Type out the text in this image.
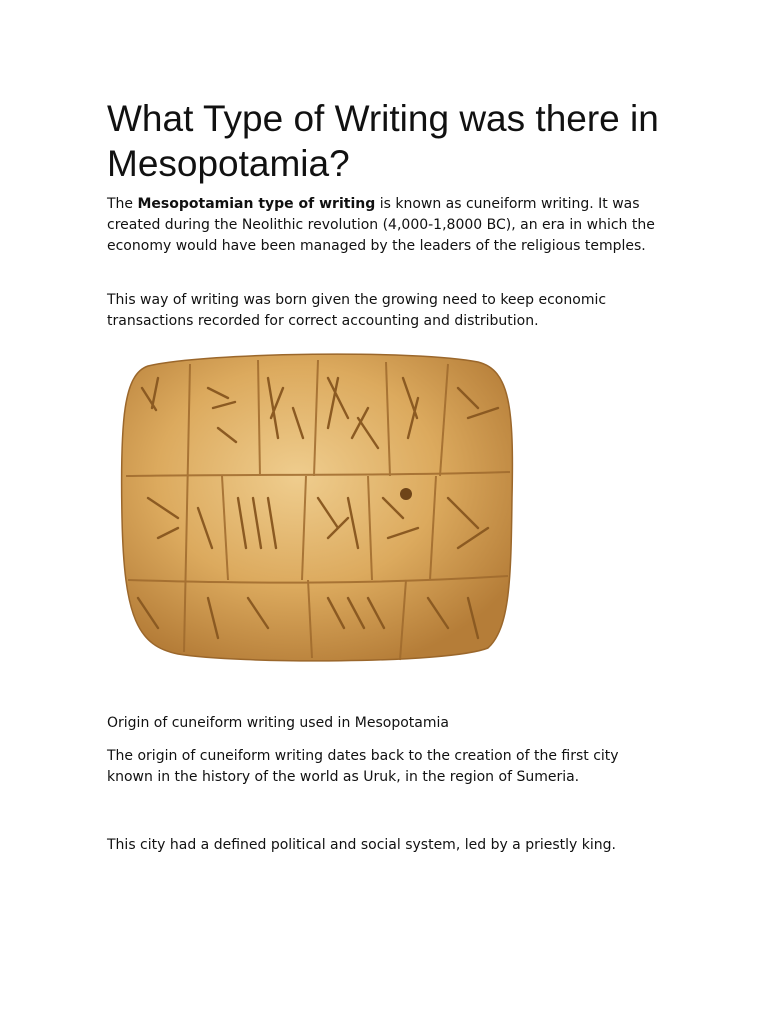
What Type of Writing was there in Mesopotamia?

The Mesopotamian type of writing is known as cuneiform writing. It was created during the Neolithic revolution (4,000-1,8000 BC), an era in which the economy would have been managed by the leaders of the religious temples.

This way of writing was born given the growing need to keep economic transactions recorded for correct accounting and distribution.

Origin of cuneiform writing used in Mesopotamia

The origin of cuneiform writing dates back to the creation of the first city known in the history of the world as Uruk, in the region of Sumeria.

This city had a defined political and social system, led by a priestly king.
